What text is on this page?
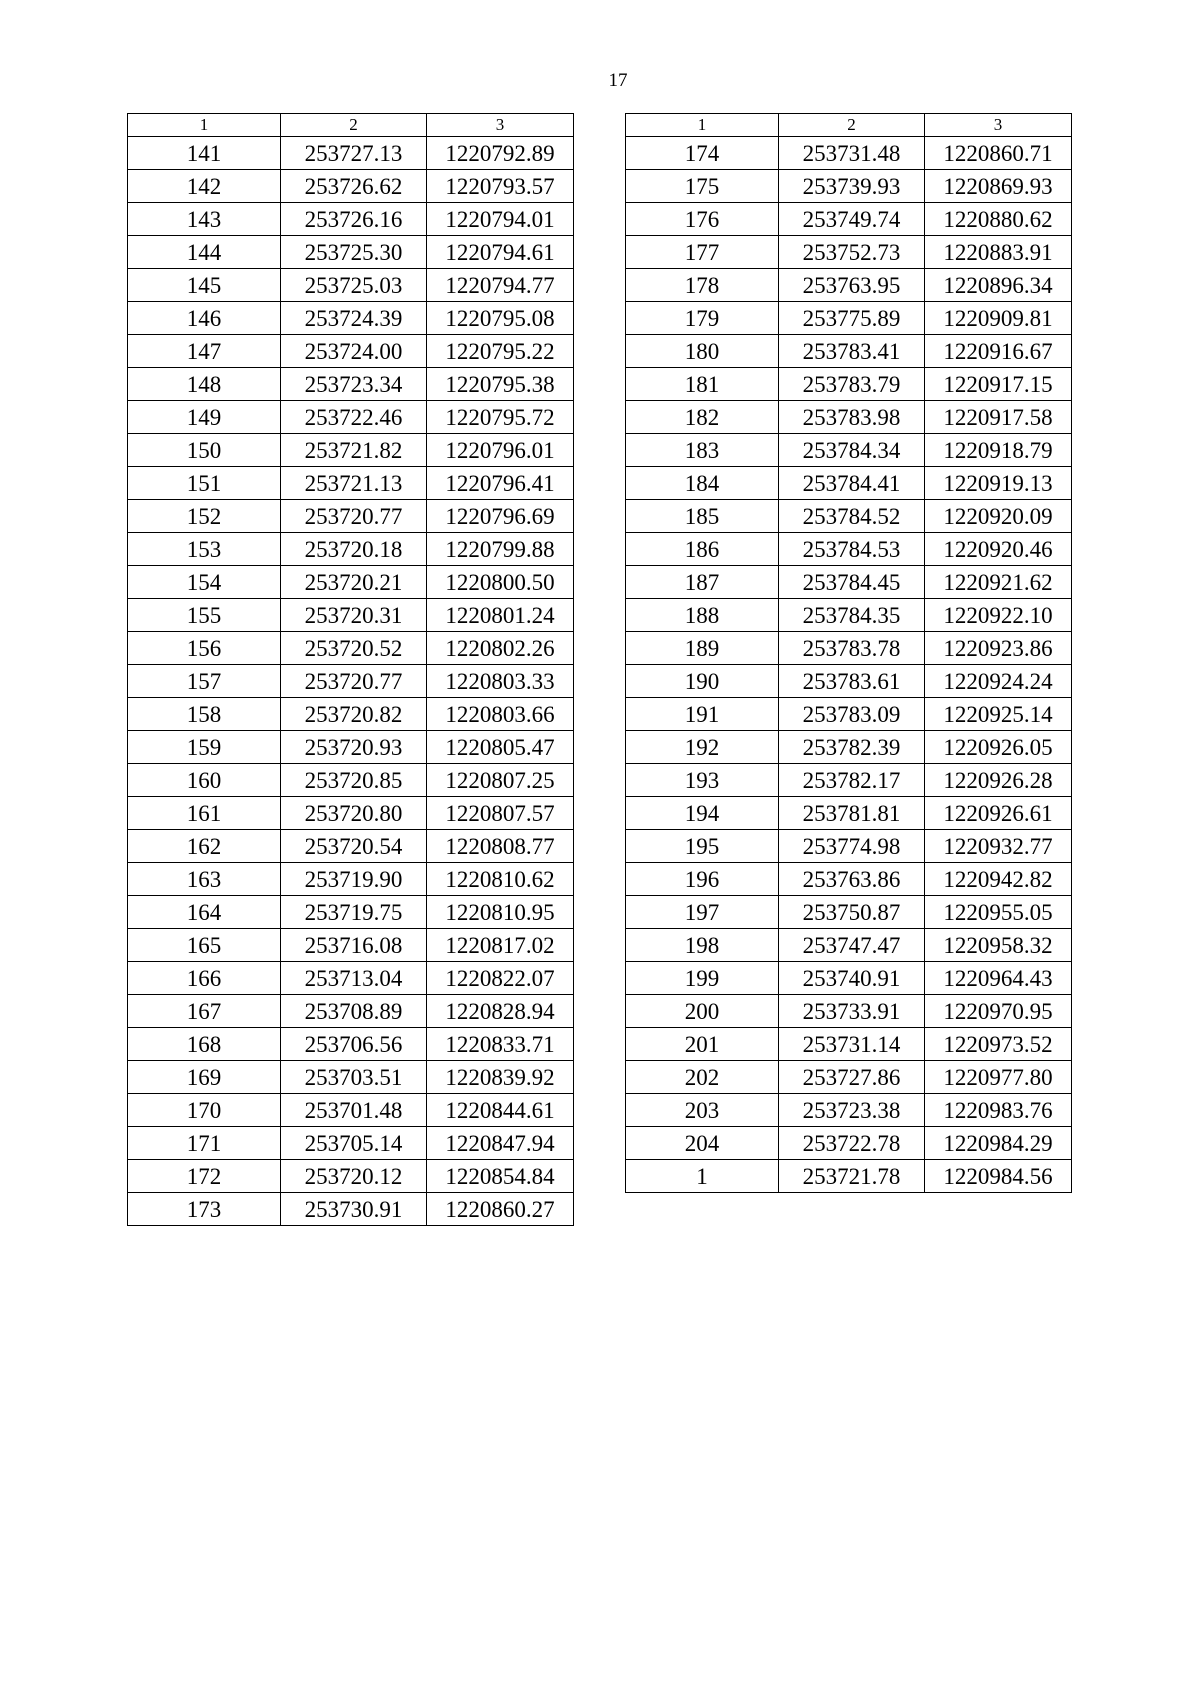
17
1	2	3
141	253727.13	1220792.89
142	253726.62	1220793.57
143	253726.16	1220794.01
144	253725.30	1220794.61
145	253725.03	1220794.77
146	253724.39	1220795.08
147	253724.00	1220795.22
148	253723.34	1220795.38
149	253722.46	1220795.72
150	253721.82	1220796.01
151	253721.13	1220796.41
152	253720.77	1220796.69
153	253720.18	1220799.88
154	253720.21	1220800.50
155	253720.31	1220801.24
156	253720.52	1220802.26
157	253720.77	1220803.33
158	253720.82	1220803.66
159	253720.93	1220805.47
160	253720.85	1220807.25
161	253720.80	1220807.57
162	253720.54	1220808.77
163	253719.90	1220810.62
164	253719.75	1220810.95
165	253716.08	1220817.02
166	253713.04	1220822.07
167	253708.89	1220828.94
168	253706.56	1220833.71
169	253703.51	1220839.92
170	253701.48	1220844.61
171	253705.14	1220847.94
172	253720.12	1220854.84
173	253730.91	1220860.27
1	2	3
174	253731.48	1220860.71
175	253739.93	1220869.93
176	253749.74	1220880.62
177	253752.73	1220883.91
178	253763.95	1220896.34
179	253775.89	1220909.81
180	253783.41	1220916.67
181	253783.79	1220917.15
182	253783.98	1220917.58
183	253784.34	1220918.79
184	253784.41	1220919.13
185	253784.52	1220920.09
186	253784.53	1220920.46
187	253784.45	1220921.62
188	253784.35	1220922.10
189	253783.78	1220923.86
190	253783.61	1220924.24
191	253783.09	1220925.14
192	253782.39	1220926.05
193	253782.17	1220926.28
194	253781.81	1220926.61
195	253774.98	1220932.77
196	253763.86	1220942.82
197	253750.87	1220955.05
198	253747.47	1220958.32
199	253740.91	1220964.43
200	253733.91	1220970.95
201	253731.14	1220973.52
202	253727.86	1220977.80
203	253723.38	1220983.76
204	253722.78	1220984.29
1	253721.78	1220984.56
